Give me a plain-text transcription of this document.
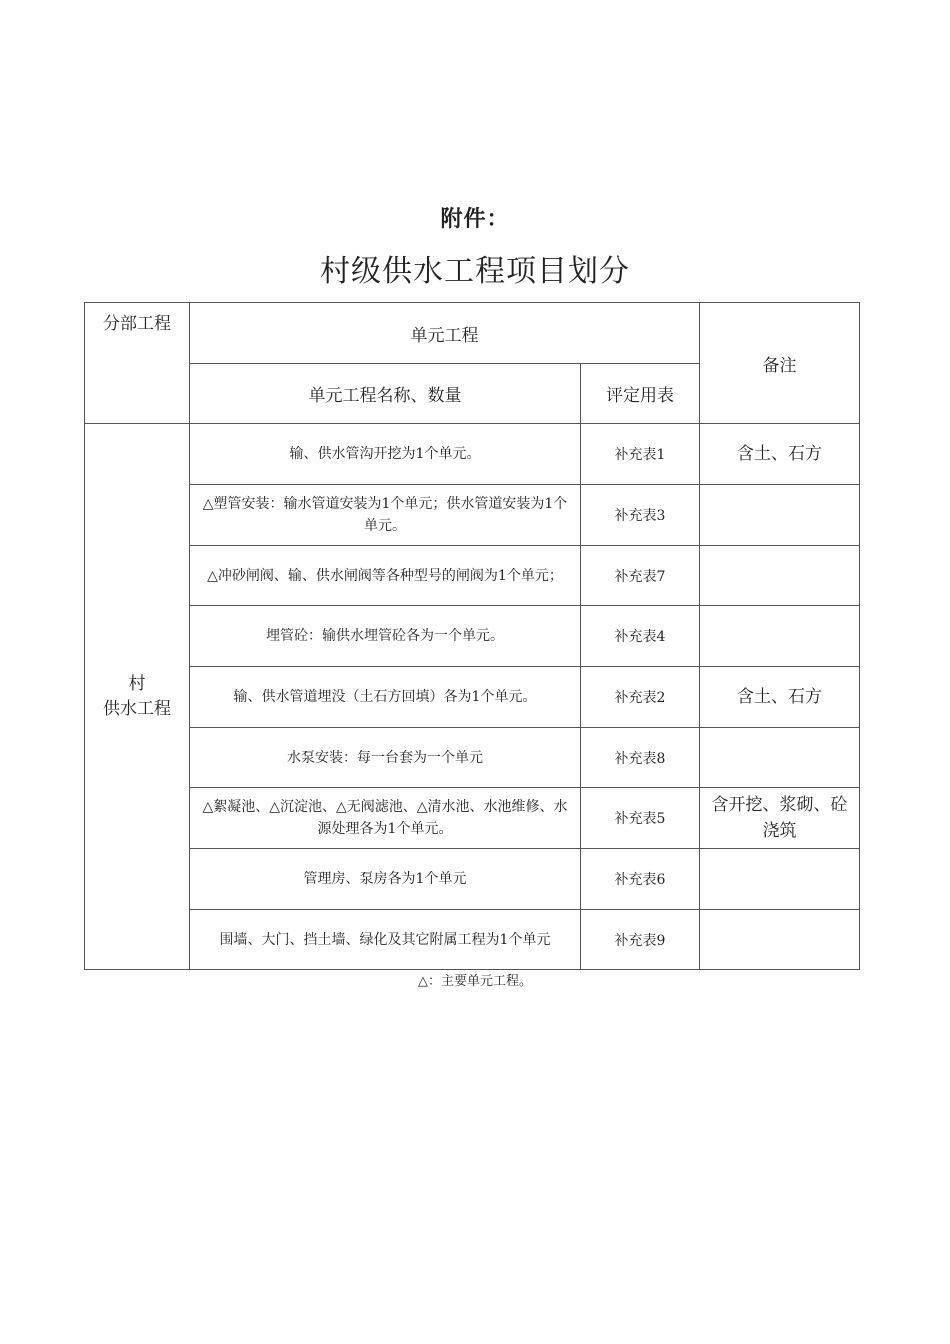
附件：
村级供水工程项目划分
分部工程	单元工程		备注
	单元工程名称、数量	评定用表	

村
供水工程	输、供水管沟开挖为1个单元。	补充表1	含土、石方
	△塑管安装：输水管道安装为1个单元；供水管道安装为1个单元。	补充表3	
	△冲砂闸阀、输、供水闸阀等各种型号的闸阀为1个单元；	补充表7	
	埋管砼：输供水埋管砼各为一个单元。	补充表4	
	输、供水管道埋没（土石方回填）各为1个单元。	补充表2	含土、石方
	水泵安装：每一台套为一个单元	补充表8	
	△絮凝池、△沉淀池、△无阀滤池、△清水池、水池维修、水源处理各为1个单元。	补充表5	含开挖、浆砌、砼浇筑
	管理房、泵房各为1个单元	补充表6	
	围墙、大门、挡土墙、绿化及其它附属工程为1个单元	补充表9	
△：主要单元工程。
